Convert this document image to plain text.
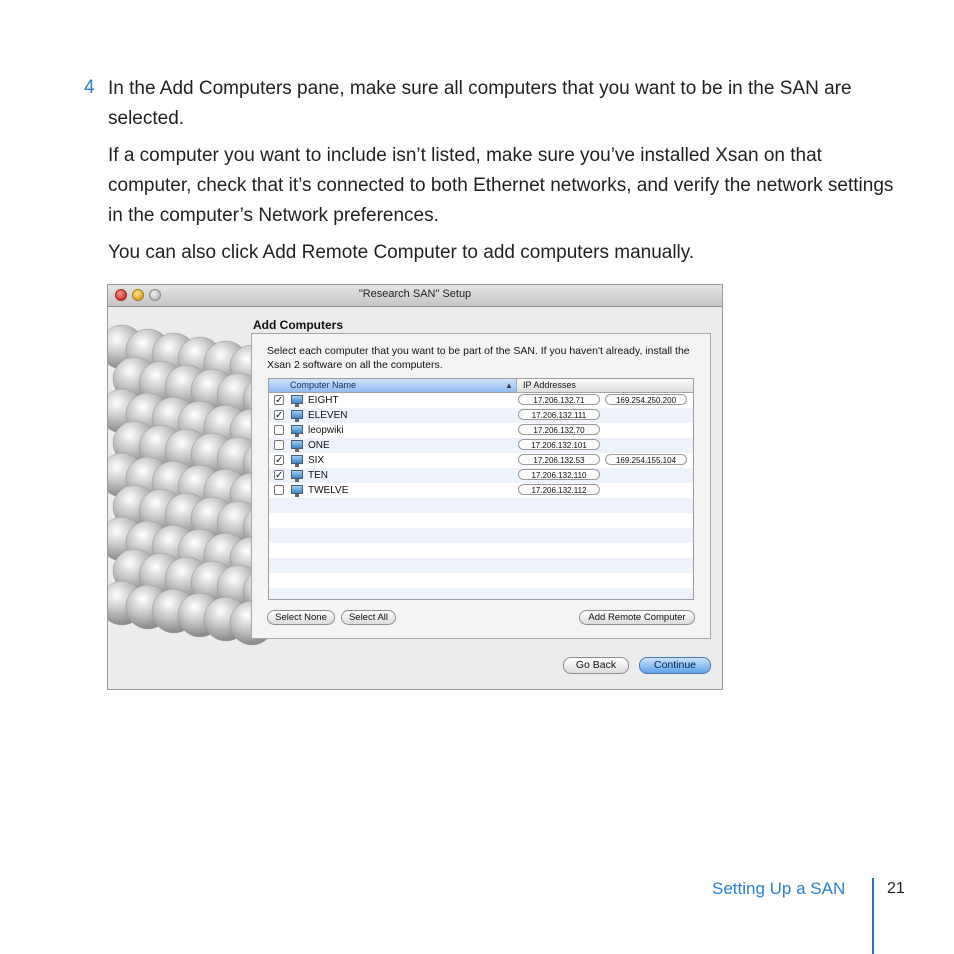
4 In the Add Computers pane, make sure all computers that you want to be in the SAN are selected.
If a computer you want to include isn’t listed, make sure you’ve installed Xsan on that computer, check that it’s connected to both Ethernet networks, and verify the network settings in the computer’s Network preferences.
You can also click Add Remote Computer to add computers manually.
"Research SAN" Setup
Add Computers
Select each computer that you want to be part of the SAN. If you haven't already, install the Xsan 2 software on all the computers.
Computer Name	▲ IP Addresses
✓ EIGHT	17.206.132.71	169.254.250.200
✓ ELEVEN	17.206.132.111
leopwiki	17.206.132.70
ONE	17.206.132.101
✓ SIX	17.206.132.53	169.254.155.104
✓ TEN	17.206.132.110
TWELVE	17.206.132.112
Select None	Select All	Add Remote Computer
Go Back	Continue
Setting Up a SAN	21
